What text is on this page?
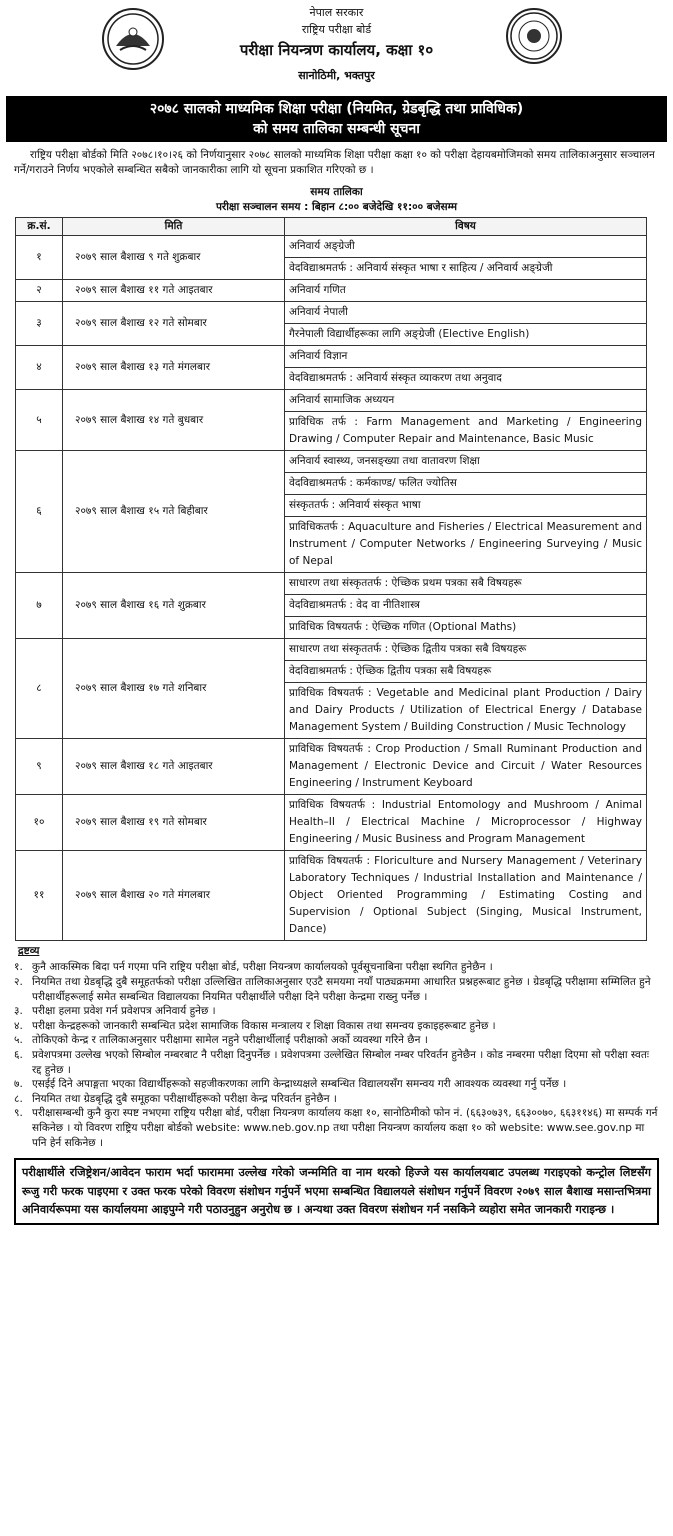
नेपाल सरकार
राष्ट्रिय परीक्षा बोर्ड
परीक्षा नियन्त्रण कार्यालय, कक्षा १०
सानोठिमी, भक्तपुर
२०७८ सालको माध्यमिक शिक्षा परीक्षा (नियमित, ग्रेडबृद्धि तथा प्राविधिक)
को समय तालिका सम्बन्धी सूचना

राष्ट्रिय परीक्षा बोर्डको मिति २०७८।१०।२६ को निर्णयानुसार २०७८ सालको माध्यमिक शिक्षा परीक्षा कक्षा १० को परीक्षा देहायबमोजिमको समय तालिकाअनुसार सञ्चालन गर्ने/गराउने निर्णय भएकोले सम्बन्धित सबैको जानकारीका लागि यो सूचना प्रकाशित गरिएको छ ।

समय तालिका
परीक्षा सञ्चालन समय : बिहान ८:०० बजेदेखि ११:०० बजेसम्म
क्र.सं.	मिति	विषय
१	२०७९ साल बैशाख ९ गते शुक्रबार	अनिवार्य अङ्ग्रेजी
वेदविद्याश्रमतर्फ : अनिवार्य संस्कृत भाषा र साहित्य / अनिवार्य अङ्ग्रेजी

२	२०७९ साल बैशाख ११ गते आइतबार	अनिवार्य गणित

३	२०७९ साल बैशाख १२ गते सोमबार	अनिवार्य नेपाली
गैरनेपाली विद्यार्थीहरूका लागि अङ्ग्रेजी (Elective English)

४	२०७९ साल बैशाख १३ गते मंगलबार	अनिवार्य विज्ञान
वेदविद्याश्रमतर्फ : अनिवार्य संस्कृत व्याकरण तथा अनुवाद

५	२०७९ साल बैशाख १४ गते बुधबार	अनिवार्य सामाजिक अध्ययन
प्राविधिक तर्फ : Farm Management and Marketing / Engineering Drawing / Computer Repair and Maintenance, Basic Music

६	२०७९ साल बैशाख १५ गते बिहीबार	अनिवार्य स्वास्थ्य, जनसङ्ख्या तथा वातावरण शिक्षा
वेदविद्याश्रमतर्फ : कर्मकाण्ड/ फलित ज्योतिस
संस्कृततर्फ : अनिवार्य संस्कृत भाषा
प्राविधिकतर्फ : Aquaculture and Fisheries / Electrical Measurement and Instrument / Computer Networks / Engineering Surveying / Music of Nepal

७	२०७९ साल बैशाख १६ गते शुक्रबार	साधारण तथा संस्कृततर्फ : ऐच्छिक प्रथम पत्रका सबै विषयहरू
वेदविद्याश्रमतर्फ : वेद वा नीतिशास्त्र
प्राविधिक विषयतर्फ : ऐच्छिक गणित (Optional Maths)

८	२०७९ साल बैशाख १७ गते शनिबार	साधारण तथा संस्कृततर्फ : ऐच्छिक द्वितीय पत्रका सबै विषयहरू
वेदविद्याश्रमतर्फ : ऐच्छिक द्वितीय पत्रका सबै विषयहरू
प्राविधिक विषयतर्फ : Vegetable and Medicinal plant Production / Dairy and Dairy Products / Utilization of Electrical Energy / Database Management System / Building Construction / Music Technology

९	२०७९ साल बैशाख १८ गते आइतबार	प्राविधिक विषयतर्फ : Crop Production / Small Ruminant Production and Management / Electronic Device and Circuit / Water Resources Engineering / Instrument Keyboard

१०	२०७९ साल बैशाख १९ गते सोमबार	प्राविधिक विषयतर्फ : Industrial Entomology and Mushroom / Animal Health–II / Electrical Machine / Microprocessor / Highway Engineering / Music Business and Program Management

११	२०७९ साल बैशाख २० गते मंगलबार	प्राविधिक विषयतर्फ : Floriculture and Nursery Management / Veterinary Laboratory Techniques / Industrial Installation and Maintenance / Object Oriented Programming / Estimating Costing and Supervision / Optional Subject (Singing, Musical Instrument, Dance)
द्रष्टव्य
१. कुनै आकस्मिक बिदा पर्न गएमा पनि राष्ट्रिय परीक्षा बोर्ड, परीक्षा नियन्त्रण कार्यालयको पूर्वसूचनाबिना परीक्षा स्थगित हुनेछैन ।
२. नियमित तथा ग्रेडबृद्धि दुबै समूहतर्फको परीक्षा उल्लिखित तालिकाअनुसार एउटै समयमा नयाँ पाठ्यक्रममा आधारित प्रश्नहरूबाट हुनेछ । ग्रेडबृद्धि परीक्षामा सम्मिलित हुने परीक्षार्थीहरूलाई समेत सम्बन्धित विद्यालयका नियमित परीक्षार्थीले परीक्षा दिने परीक्षा केन्द्रमा राख्नु पर्नेछ ।
३. परीक्षा हलमा प्रवेश गर्न प्रवेशपत्र अनिवार्य हुनेछ ।
४. परीक्षा केन्द्रहरूको जानकारी सम्बन्धित प्रदेश सामाजिक विकास मन्त्रालय र शिक्षा विकास तथा समन्वय इकाइहरूबाट हुनेछ ।
५. तोकिएको केन्द्र र तालिकाअनुसार परीक्षामा सामेल नहुने परीक्षार्थीलाई परीक्षाको अर्को व्यवस्था गरिने छैन ।
६. प्रवेशपत्रमा उल्लेख भएको सिम्बोल नम्बरबाट नै परीक्षा दिनुपर्नेछ । प्रवेशपत्रमा उल्लेखित सिम्बोल नम्बर परिवर्तन हुनेछैन । कोड नम्बरमा परीक्षा दिएमा सो परीक्षा स्वतः रद्द हुनेछ ।
७. एसईई दिने अपाङ्गता भएका विद्यार्थीहरूको सहजीकरणका लागि केन्द्राध्यक्षले सम्बन्धित विद्यालयसँग समन्वय गरी आवश्यक व्यवस्था गर्नु पर्नेछ ।
८. नियमित तथा ग्रेडबृद्धि दुबै समूहका परीक्षार्थीहरूको परीक्षा केन्द्र परिवर्तन हुनेछैन ।
९. परीक्षासम्बन्धी कुनै कुरा स्पष्ट नभएमा राष्ट्रिय परीक्षा बोर्ड, परीक्षा नियन्त्रण कार्यालय कक्षा १०, सानोठिमीको फोन नं. (६६३०७३९, ६६३००७०, ६६३११४६) मा सम्पर्क गर्न सकिनेछ । यो विवरण राष्ट्रिय परीक्षा बोर्डको website: www.neb.gov.np तथा परीक्षा नियन्त्रण कार्यालय कक्षा १० को website: www.see.gov.np मा पनि हेर्न सकिनेछ ।
परीक्षार्थीले रजिष्ट्रेशन/आवेदन फाराम भर्दा फाराममा उल्लेख गरेको जन्ममिति वा नाम थरको हिज्जे यस कार्यालयबाट उपलब्ध गराइएको कन्ट्रोल लिष्टसँग रूजु गरी फरक पाइएमा र उक्त फरक परेको विवरण संशोधन गर्नुपर्ने भएमा सम्बन्धित विद्यालयले संशोधन गर्नुपर्ने विवरण २०७९ साल बैशाख मसान्तभित्रमा अनिवार्यरूपमा यस कार्यालयमा आइपुग्ने गरी पठाउनुहुन अनुरोध छ । अन्यथा उक्त विवरण संशोधन गर्न नसकिने व्यहोरा समेत जानकारी गराइन्छ ।
